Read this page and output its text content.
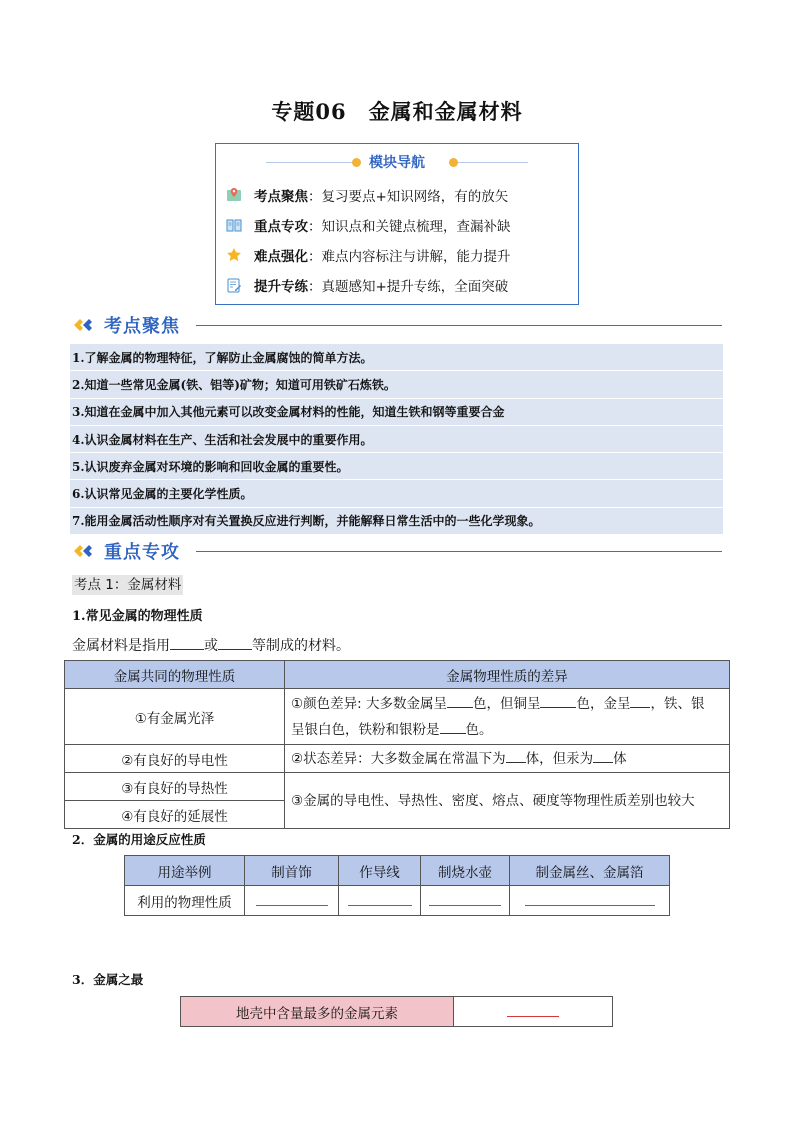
专题06　金属和金属材料
模块导航
考点聚焦 ：复习要点+知识网络，有的放矢
重点专攻 ：知识点和关键点梳理，查漏补缺
难点强化 ：难点内容标注与讲解，能力提升
提升专练 ：真题感知+提升专练，全面突破
考点聚焦
1.了解金属的物理特征，了解防止金属腐蚀的简单方法。
2.知道一些常见金属(铁、铝等)矿物；知道可用铁矿石炼铁。
3.知道在金属中加入其他元素可以改变金属材料的性能，知道生铁和钢等重要合金
4.认识金属材料在生产、生活和社会发展中的重要作用。
5.认识废弃金属对环境的影响和回收金属的重要性。
6.认识常见金属的主要化学性质。
7.能用金属活动性顺序对有关置换反应进行判断，并能解释日常生活中的一些化学现象。
重点专攻
考点 1：金属材料
1.常见金属的物理性质
金属材料是指用 或 等制成的材料。
金属共同的物理性质	金属物理性质的差异
①有金属光泽	①颜色差异: 大多数金属呈 色，但铜呈 色，金呈 ，铁、银
呈银白色，铁粉和银粉是 色。
②有良好的导电性	②状态差异：大多数金属在常温下为 体，但汞为 体
③有良好的导热性	③金属的导电性、导热性、密度、熔点、硬度等物理性质差别也较大
④有良好的延展性	
2．金属的用途反应性质
用途举例	制首饰	作导线	制烧水壶	制金属丝、金属箔
利用的物理性质				
3．金属之最
地壳中含量最多的金属元素	
